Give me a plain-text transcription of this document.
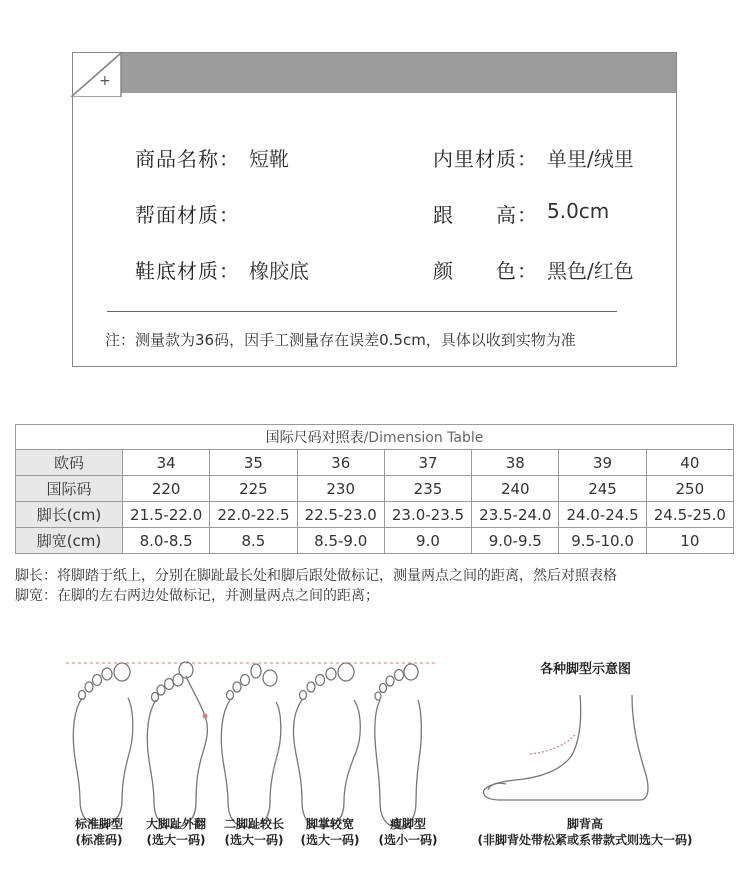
+
商品名称： 短靴	内里材质： 单里/绒里
帮面材质：	跟　　高： 5.0cm
鞋底材质： 橡胶底	颜　　色： 黑色/红色
注：测量款为36码，因手工测量存在误差0.5cm，具体以收到实物为准
国际尺码对照表/Dimension Table							
欧码	34	35	36	37	38	39	40
国际码	220	225	230	235	240	245	250
脚长(cm)	21.5-22.0	22.0-22.5	22.5-23.0	23.0-23.5	23.5-24.0	24.0-24.5	24.5-25.0
脚宽(cm)	8.0-8.5	8.5	8.5-9.0	9.0	9.0-9.5	9.5-10.0	10
脚长：将脚踏于纸上，分别在脚趾最长处和脚后跟处做标记，测量两点之间的距离，然后对照表格
脚宽：在脚的左右两边处做标记，并测量两点之间的距离；
标准脚型
(标准码)
大脚趾外翻
(选大一码)
二脚趾较长
(选大一码)
脚掌较宽
(选大一码)
瘦脚型
(选小一码)
各种脚型示意图
脚背高
(非脚背处带松紧或系带款式则选大一码)
